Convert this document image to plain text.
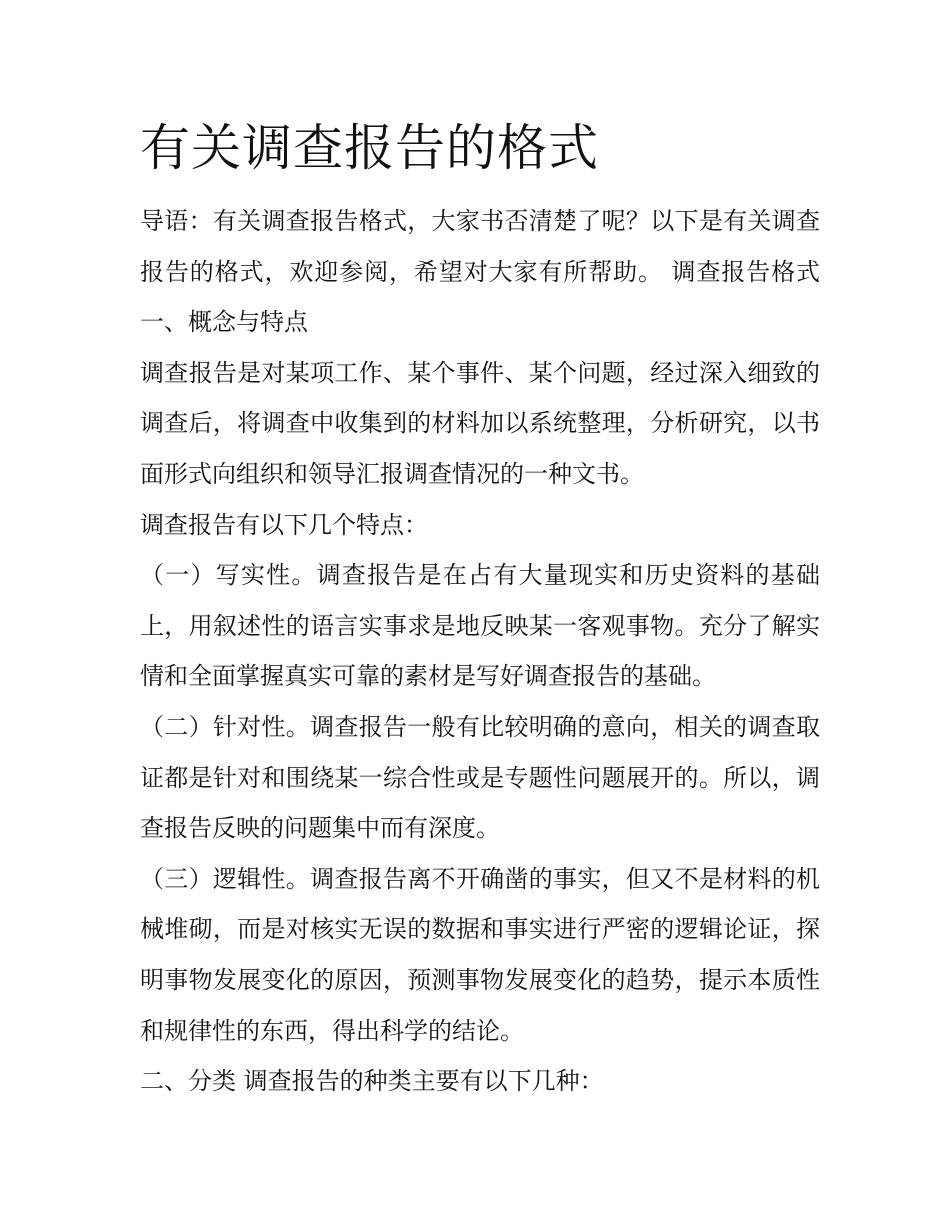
有关调查报告的格式

导语：有关调查报告格式，大家书否清楚了呢？以下是有关调查报告的格式，欢迎参阅，希望对大家有所帮助。 调查报告格式 一、概念与特点

调查报告是对某项工作、某个事件、某个问题，经过深入细致的调查后，将调查中收集到的材料加以系统整理，分析研究，以书面形式向组织和领导汇报调查情况的一种文书。

调查报告有以下几个特点：

（一）写实性。调查报告是在占有大量现实和历史资料的基础上，用叙述性的语言实事求是地反映某一客观事物。充分了解实情和全面掌握真实可靠的素材是写好调查报告的基础。

（二）针对性。调查报告一般有比较明确的意向，相关的调查取证都是针对和围绕某一综合性或是专题性问题展开的。所以，调查报告反映的问题集中而有深度。

（三）逻辑性。调查报告离不开确凿的事实，但又不是材料的机械堆砌，而是对核实无误的数据和事实进行严密的逻辑论证，探明事物发展变化的原因，预测事物发展变化的趋势，提示本质性和规律性的东西，得出科学的结论。

二、分类 调查报告的种类主要有以下几种：
